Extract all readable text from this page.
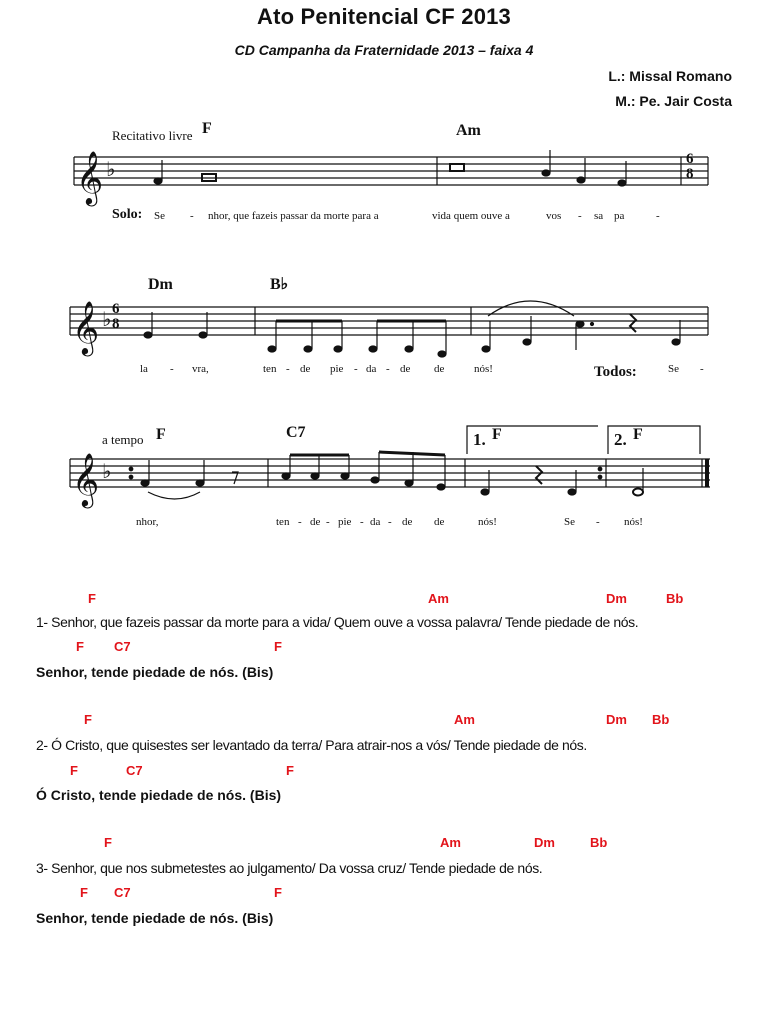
Ato Penitencial CF 2013
CD Campanha da Fraternidade 2013 – faixa 4
L.: Missal Romano
M.: Pe. Jair Costa
𝄞 ♭
𝄞 ♭
𝄞 ♭
Recitativo livre F	Am
6
8
Solo: Se - nhor, que fazeis passar da morte para a	vida quem ouve a	vos - sa pa	-
Dm	B♭
6
8
la - vra,	ten - de pie - da - de de	nós!	Todos:	Se -
a tempo F	C7	1. F	2. F
nhor,	ten - de - pie - da - de de	nós!	Se - nós!
F	Am	Dm	Bb
1- Senhor, que fazeis passar da morte para a vida/ Quem ouve a vossa palavra/ Tende piedade de nós.
F C7	F
Senhor, tende piedade de nós. (Bis)
F	Am	Dm Bb
2- Ó Cristo, que quisestes ser levantado da terra/ Para atrair-nos a vós/ Tende piedade de nós.
F	C7	F
Ó Cristo, tende piedade de nós. (Bis)
F	Am	Dm	Bb
3- Senhor, que nos submetestes ao julgamento/ Da vossa cruz/ Tende piedade de nós.
F C7	F
Senhor, tende piedade de nós. (Bis)
